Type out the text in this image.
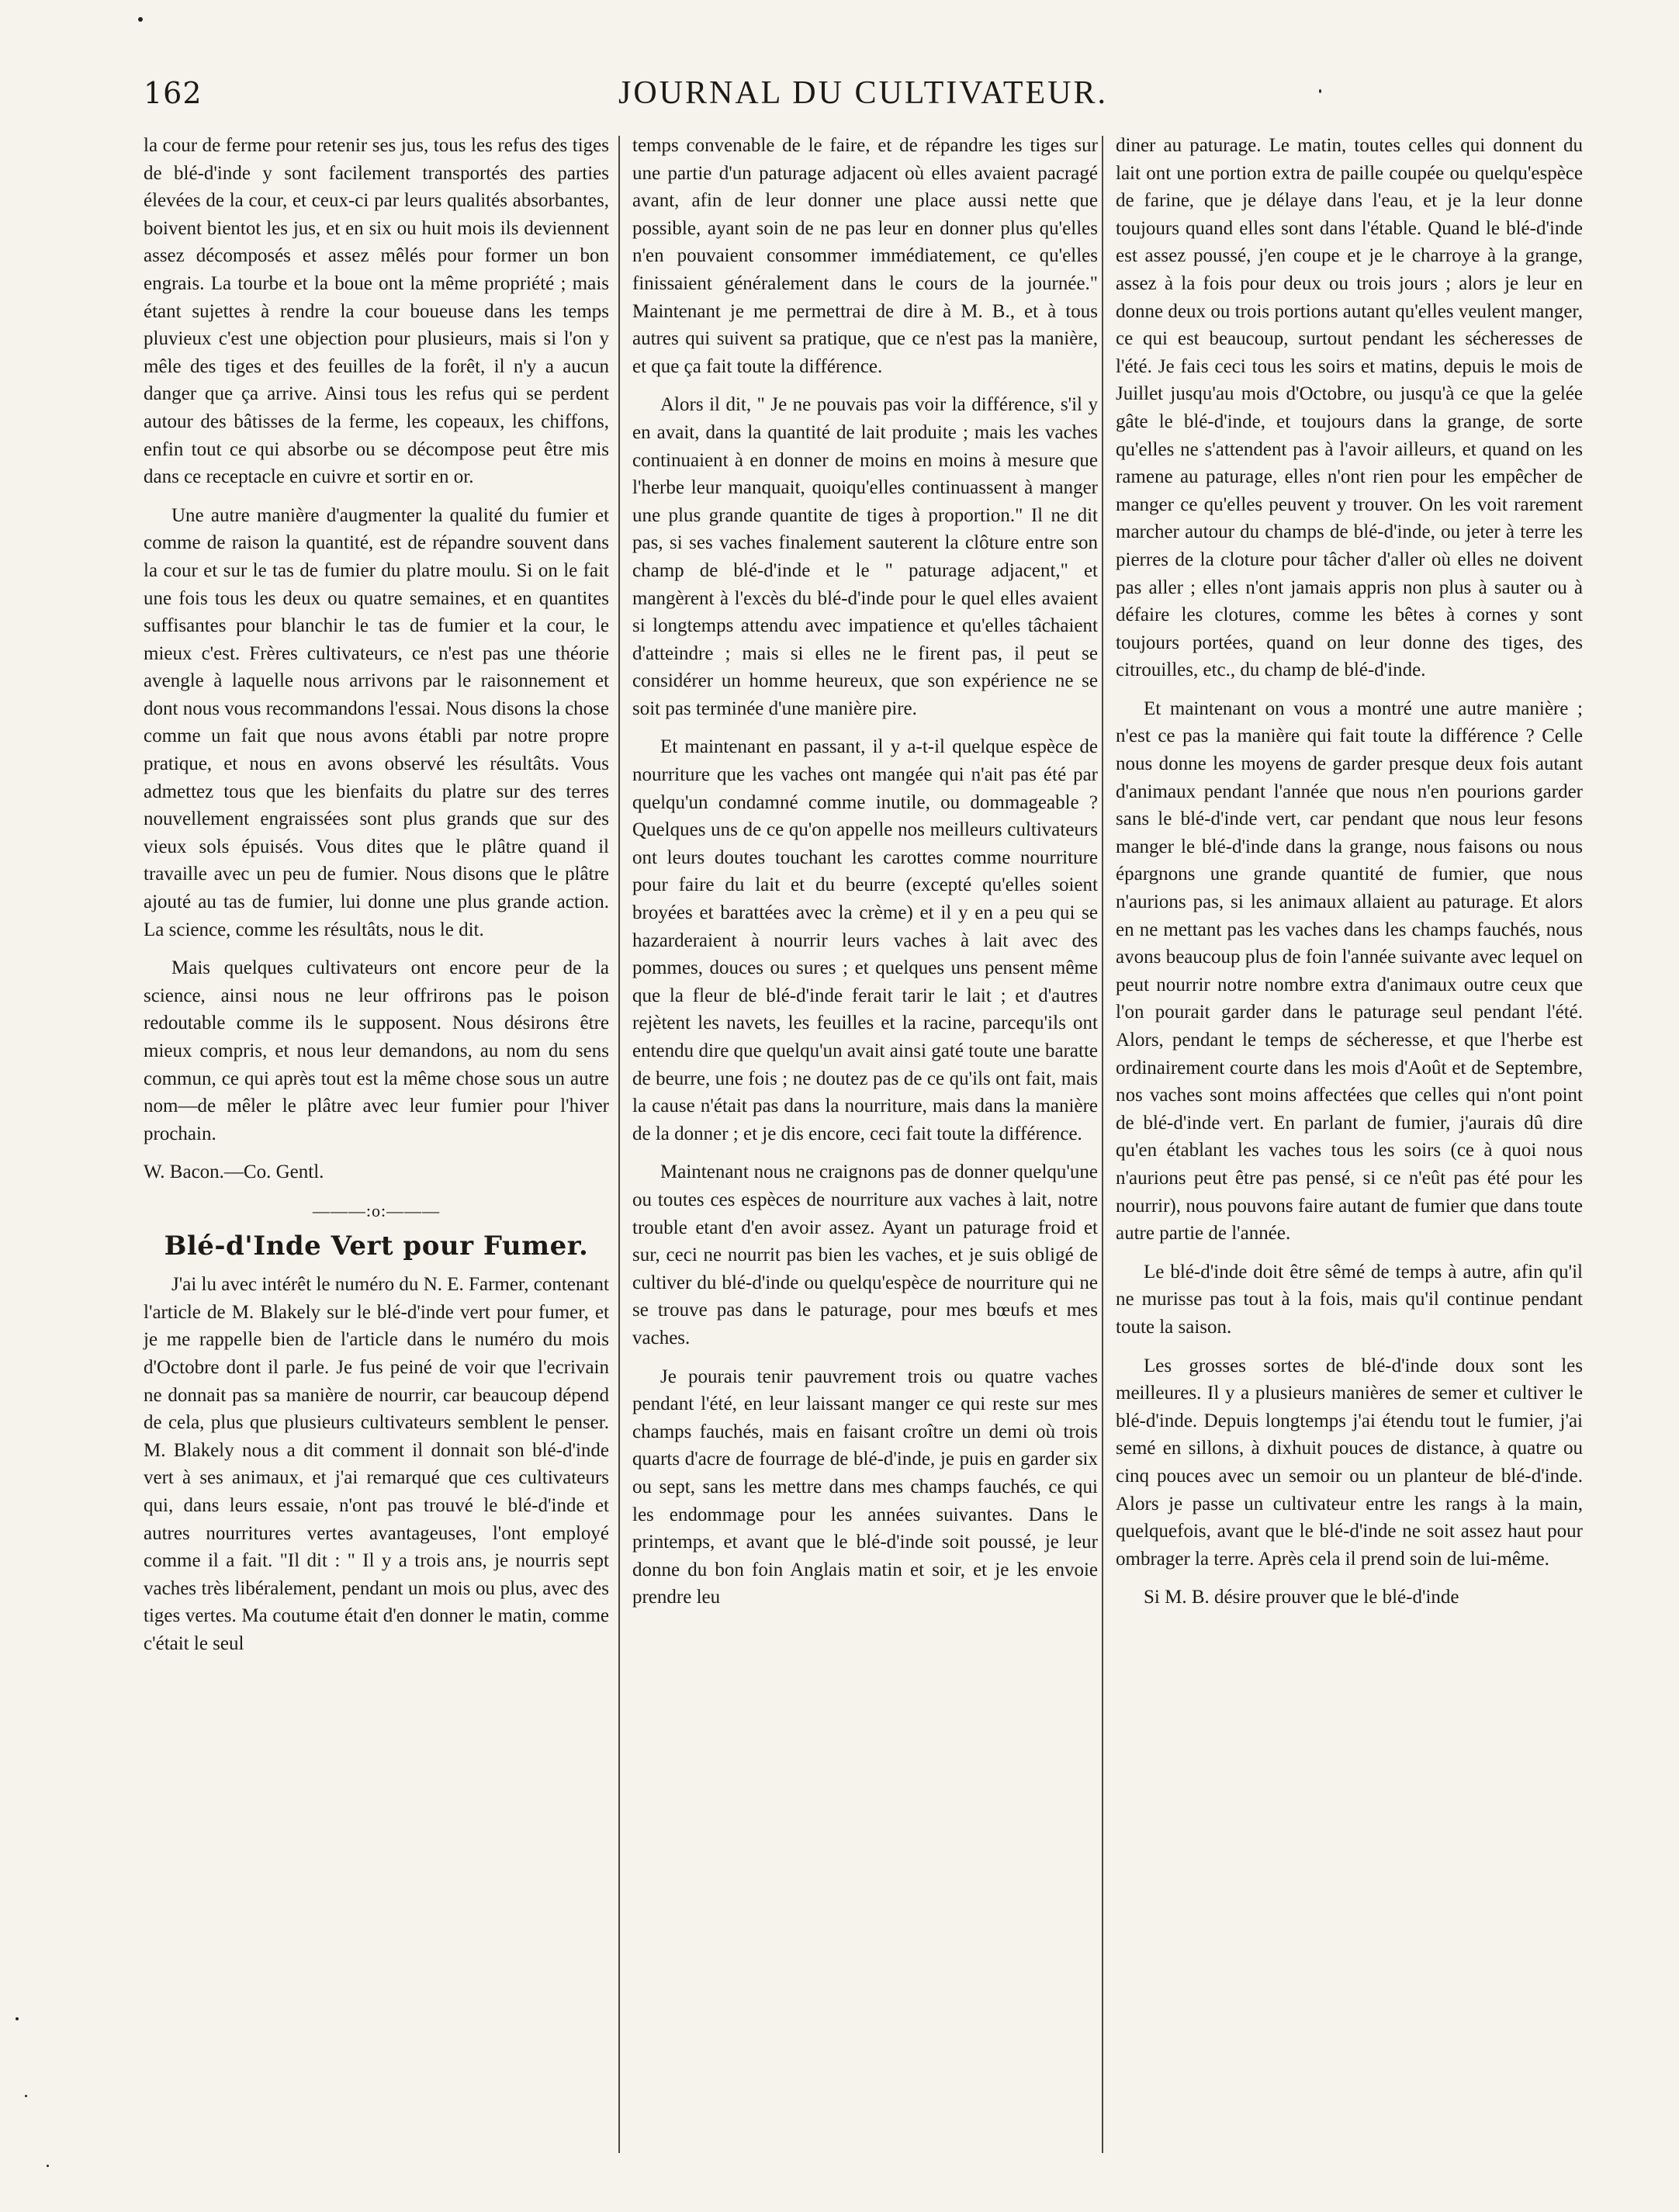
162	JOURNAL DU CULTIVATEUR.

la cour de ferme pour retenir ses jus, tous les refus des tiges de blé-d'inde y sont facilement transportés des parties élevées de la cour, et ceux-ci par leurs qualités absorbantes, boivent bientot les jus, et en six ou huit mois ils deviennent assez décomposés et assez mêlés pour former un bon engrais. La tourbe et la boue ont la même propriété ; mais étant sujettes à rendre la cour boueuse dans les temps pluvieux c'est une objection pour plusieurs, mais si l'on y mêle des tiges et des feuilles de la forêt, il n'y a aucun danger que ça arrive. Ainsi tous les refus qui se perdent autour des bâtisses de la ferme, les copeaux, les chiffons, enfin tout ce qui absorbe ou se décompose peut être mis dans ce receptacle en cuivre et sortir en or.

Une autre manière d'augmenter la qualité du fumier et comme de raison la quantité, est de répandre souvent dans la cour et sur le tas de fumier du platre moulu. Si on le fait une fois tous les deux ou quatre semaines, et en quantites suffisantes pour blanchir le tas de fumier et la cour, le mieux c'est. Frères cultivateurs, ce n'est pas une théorie avengle à laquelle nous arrivons par le raisonnement et dont nous vous recommandons l'essai. Nous disons la chose comme un fait que nous avons établi par notre propre pratique, et nous en avons observé les résultâts. Vous admettez tous que les bienfaits du platre sur des terres nouvellement engraissées sont plus grands que sur des vieux sols épuisés. Vous dites que le plâtre quand il travaille avec un peu de fumier. Nous disons que le plâtre ajouté au tas de fumier, lui donne une plus grande action. La science, comme les résultâts, nous le dit.

Mais quelques cultivateurs ont encore peur de la science, ainsi nous ne leur offrirons pas le poison redoutable comme ils le supposent. Nous désirons être mieux compris, et nous leur demandons, au nom du sens commun, ce qui après tout est la même chose sous un autre nom—de mêler le plâtre avec leur fumier pour l'hiver prochain.

W. Bacon.—Co. Gentl.

———:o:———
Blé-d'Inde Vert pour Fumer.

J'ai lu avec intérêt le numéro du N. E. Farmer, contenant l'article de M. Blakely sur le blé-d'inde vert pour fumer, et je me rappelle bien de l'article dans le numéro du mois d'Octobre dont il parle. Je fus peiné de voir que l'ecrivain ne donnait pas sa manière de nourrir, car beaucoup dépend de cela, plus que plusieurs cultivateurs semblent le penser. M. Blakely nous a dit comment il donnait son blé-d'inde vert à ses animaux, et j'ai remarqué que ces cultivateurs qui, dans leurs essaie, n'ont pas trouvé le blé-d'inde et autres nourritures vertes avantageuses, l'ont employé comme il a fait. "Il dit : " Il y a trois ans, je nourris sept vaches très libéralement, pendant un mois ou plus, avec des tiges vertes. Ma coutume était d'en donner le matin, comme c'était le seul

temps convenable de le faire, et de répandre les tiges sur une partie d'un paturage adjacent où elles avaient pacragé avant, afin de leur donner une place aussi nette que possible, ayant soin de ne pas leur en donner plus qu'elles n'en pouvaient consommer immédiatement, ce qu'elles finissaient généralement dans le cours de la journée." Maintenant je me permettrai de dire à M. B., et à tous autres qui suivent sa pratique, que ce n'est pas la manière, et que ça fait toute la différence.

Alors il dit, " Je ne pouvais pas voir la différence, s'il y en avait, dans la quantité de lait produite ; mais les vaches continuaient à en donner de moins en moins à mesure que l'herbe leur manquait, quoiqu'elles continuassent à manger une plus grande quantite de tiges à proportion." Il ne dit pas, si ses vaches finalement sauterent la clôture entre son champ de blé-d'inde et le " paturage adjacent," et mangèrent à l'excès du blé-d'inde pour le quel elles avaient si longtemps attendu avec impatience et qu'elles tâchaient d'atteindre ; mais si elles ne le firent pas, il peut se considérer un homme heureux, que son expérience ne se soit pas terminée d'une manière pire.

Et maintenant en passant, il y a-t-il quelque espèce de nourriture que les vaches ont mangée qui n'ait pas été par quelqu'un condamné comme inutile, ou dommageable ? Quelques uns de ce qu'on appelle nos meilleurs cultivateurs ont leurs doutes touchant les carottes comme nourriture pour faire du lait et du beurre (excepté qu'elles soient broyées et barattées avec la crème) et il y en a peu qui se hazarderaient à nourrir leurs vaches à lait avec des pommes, douces ou sures ; et quelques uns pensent même que la fleur de blé-d'inde ferait tarir le lait ; et d'autres rejètent les navets, les feuilles et la racine, parcequ'ils ont entendu dire que quelqu'un avait ainsi gaté toute une baratte de beurre, une fois ; ne doutez pas de ce qu'ils ont fait, mais la cause n'était pas dans la nourriture, mais dans la manière de la donner ; et je dis encore, ceci fait toute la différence.

Maintenant nous ne craignons pas de donner quelqu'une ou toutes ces espèces de nourriture aux vaches à lait, notre trouble etant d'en avoir assez. Ayant un paturage froid et sur, ceci ne nourrit pas bien les vaches, et je suis obligé de cultiver du blé-d'inde ou quelqu'espèce de nourriture qui ne se trouve pas dans le paturage, pour mes bœufs et mes vaches.

Je pourais tenir pauvrement trois ou quatre vaches pendant l'été, en leur laissant manger ce qui reste sur mes champs fauchés, mais en faisant croître un demi où trois quarts d'acre de fourrage de blé-d'inde, je puis en garder six ou sept, sans les mettre dans mes champs fauchés, ce qui les endommage pour les années suivantes. Dans le printemps, et avant que le blé-d'inde soit poussé, je leur donne du bon foin Anglais matin et soir, et je les envoie prendre leu

diner au paturage. Le matin, toutes celles qui donnent du lait ont une portion extra de paille coupée ou quelqu'espèce de farine, que je délaye dans l'eau, et je la leur donne toujours quand elles sont dans l'étable. Quand le blé-d'inde est assez poussé, j'en coupe et je le charroye à la grange, assez à la fois pour deux ou trois jours ; alors je leur en donne deux ou trois portions autant qu'elles veulent manger, ce qui est beaucoup, surtout pendant les sécheresses de l'été. Je fais ceci tous les soirs et matins, depuis le mois de Juillet jusqu'au mois d'Octobre, ou jusqu'à ce que la gelée gâte le blé-d'inde, et toujours dans la grange, de sorte qu'elles ne s'attendent pas à l'avoir ailleurs, et quand on les ramene au paturage, elles n'ont rien pour les empêcher de manger ce qu'elles peuvent y trouver. On les voit rarement marcher autour du champs de blé-d'inde, ou jeter à terre les pierres de la cloture pour tâcher d'aller où elles ne doivent pas aller ; elles n'ont jamais appris non plus à sauter ou à défaire les clotures, comme les bêtes à cornes y sont toujours portées, quand on leur donne des tiges, des citrouilles, etc., du champ de blé-d'inde.

Et maintenant on vous a montré une autre manière ; n'est ce pas la manière qui fait toute la différence ? Celle nous donne les moyens de garder presque deux fois autant d'animaux pendant l'année que nous n'en pourions garder sans le blé-d'inde vert, car pendant que nous leur fesons manger le blé-d'inde dans la grange, nous faisons ou nous épargnons une grande quantité de fumier, que nous n'aurions pas, si les animaux allaient au paturage. Et alors en ne mettant pas les vaches dans les champs fauchés, nous avons beaucoup plus de foin l'année suivante avec lequel on peut nourrir notre nombre extra d'animaux outre ceux que l'on pourait garder dans le paturage seul pendant l'été. Alors, pendant le temps de sécheresse, et que l'herbe est ordinairement courte dans les mois d'Août et de Septembre, nos vaches sont moins affectées que celles qui n'ont point de blé-d'inde vert. En parlant de fumier, j'aurais dû dire qu'en établant les vaches tous les soirs (ce à quoi nous n'aurions peut être pas pensé, si ce n'eût pas été pour les nourrir), nous pouvons faire autant de fumier que dans toute autre partie de l'année.

Le blé-d'inde doit être sêmé de temps à autre, afin qu'il ne murisse pas tout à la fois, mais qu'il continue pendant toute la saison.

Les grosses sortes de blé-d'inde doux sont les meilleures. Il y a plusieurs manières de semer et cultiver le blé-d'inde. Depuis longtemps j'ai étendu tout le fumier, j'ai semé en sillons, à dixhuit pouces de distance, à quatre ou cinq pouces avec un semoir ou un planteur de blé-d'inde. Alors je passe un cultivateur entre les rangs à la main, quelquefois, avant que le blé-d'inde ne soit assez haut pour ombrager la terre. Après cela il prend soin de lui-même.

Si M. B. désire prouver que le blé-d'inde
